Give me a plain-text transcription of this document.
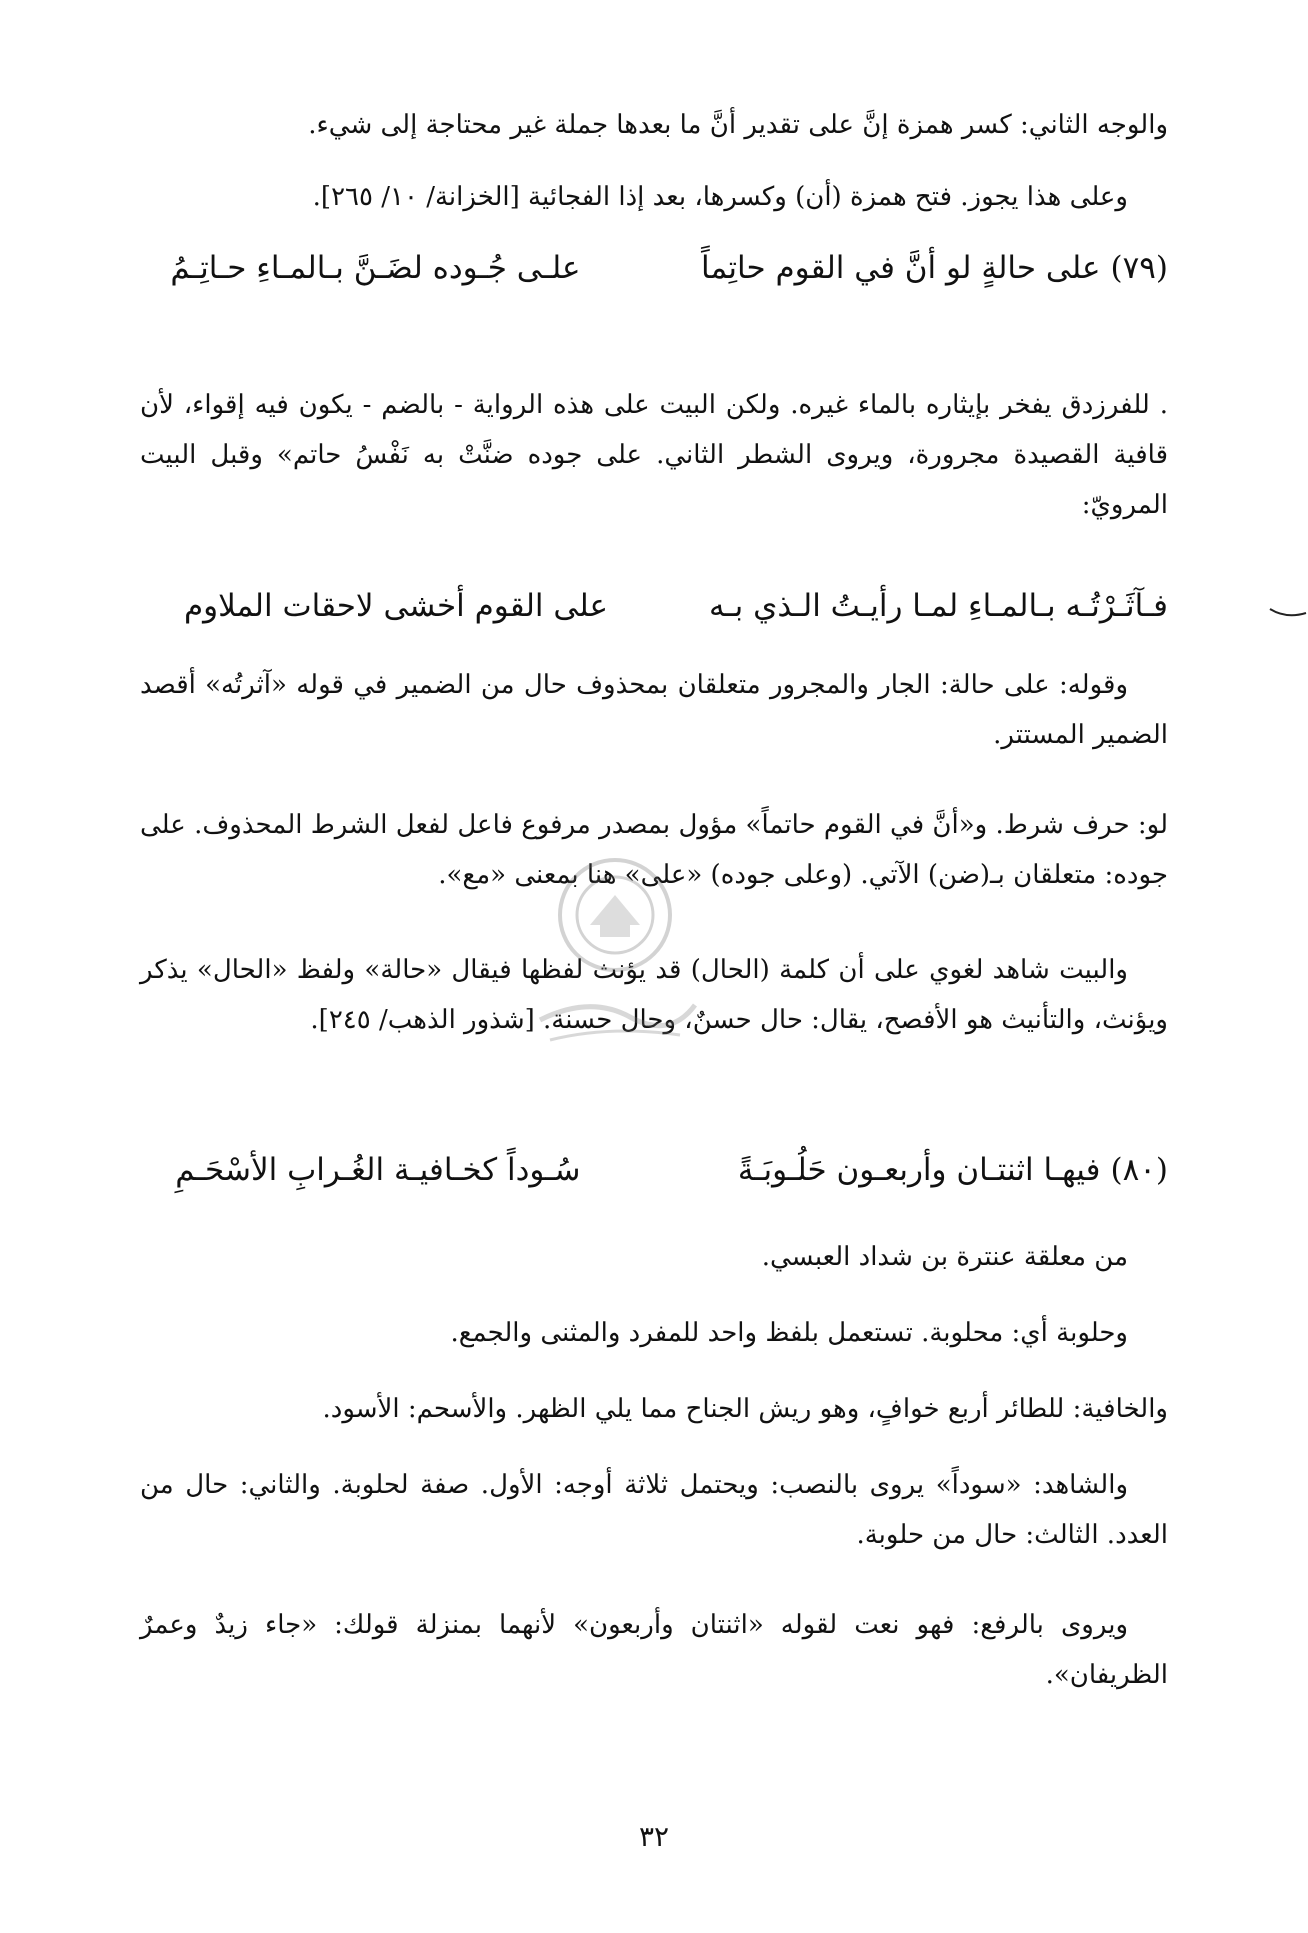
والوجه الثاني: كسر همزة إنَّ على تقدير أنَّ ما بعدها جملة غير محتاجة إلى شيء.

وعلى هذا يجوز. فتح همزة (أن) وكسرها، بعد إذا الفجائية [الخزانة/ ١٠/ ٢٦٥].

(٧٩)
على حالةٍ لو أنَّ في القوم حاتِماً
علـى جُـوده لضَـنَّ بـالمـاءِ حـاتِـمُ

. للفرزدق يفخر بإيثاره بالماء غيره. ولكن البيت على هذه الرواية - بالضم - يكون فيه إقواء، لأن قافية القصيدة مجرورة، ويروى الشطر الثاني. على جوده ضنَّتْ به نَفْسُ حاتم» وقبل البيت المرويّ:

فـآثَـرْتُـه بـالمـاءِ لمـا رأيـتُ الـذي بـه
على القوم أخشى لاحقات الملاوم

وقوله: على حالة: الجار والمجرور متعلقان بمحذوف حال من الضمير في قوله «آثرتُه» أقصد الضمير المستتر.

لو: حرف شرط. و«أنَّ في القوم حاتماً» مؤول بمصدر مرفوع فاعل لفعل الشرط المحذوف. على جوده: متعلقان بـ(ضن) الآتي. (وعلى جوده) «على» هنا بمعنى «مع».

والبيت شاهد لغوي على أن كلمة (الحال) قد يؤنث لفظها فيقال «حالة» ولفظ «الحال» يذكر ويؤنث، والتأنيث هو الأفصح، يقال: حال حسنٌ، وحال حسنة. [شذور الذهب/ ٢٤٥].

(٨٠)
فيهـا اثنتـان وأربعـون حَلُـوبَـةً
سُـوداً كخـافيـة الغُـرابِ الأسْحَـمِ

من معلقة عنترة بن شداد العبسي.

وحلوبة أي: محلوبة. تستعمل بلفظ واحد للمفرد والمثنى والجمع.

والخافية: للطائر أربع خوافٍ، وهو ريش الجناح مما يلي الظهر. والأسحم: الأسود.

والشاهد: «سوداً» يروى بالنصب: ويحتمل ثلاثة أوجه: الأول. صفة لحلوبة. والثاني: حال من العدد. الثالث: حال من حلوبة.

ويروى بالرفع: فهو نعت لقوله «اثنتان وأربعون» لأنهما بمنزلة قولك: «جاء زيدٌ وعمرٌ الظريفان».

٣٢
